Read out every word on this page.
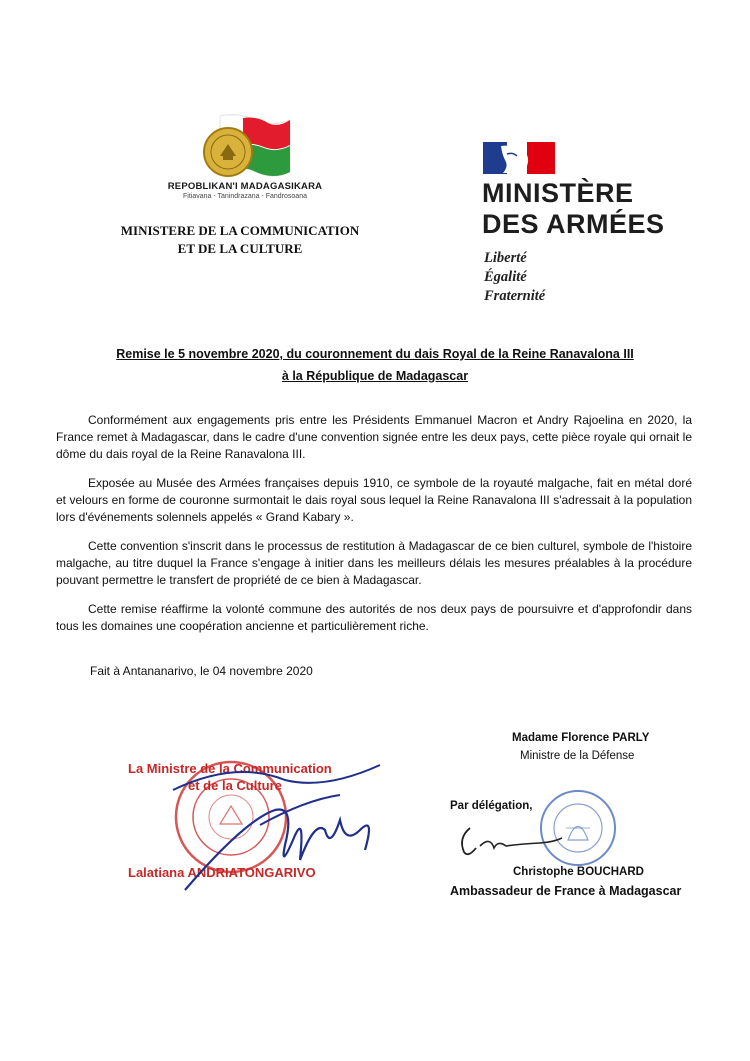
REPOBLIKAN'I MADAGASIKARA
Fitiavana - Tanindrazana - Fandrosoana
MINISTERE DE LA COMMUNICATION
ET DE LA CULTURE
MINISTÈRE
DES ARMÉES
Liberté
Égalité
Fraternité
Remise le 5 novembre 2020, du couronnement du dais Royal de la Reine Ranavalona III
à la République de Madagascar

Conformément aux engagements pris entre les Présidents Emmanuel Macron et Andry Rajoelina en 2020, la France remet à Madagascar, dans le cadre d'une convention signée entre les deux pays, cette pièce royale qui ornait le dôme du dais royal de la Reine Ranavalona III.

Exposée au Musée des Armées françaises depuis 1910, ce symbole de la royauté malgache, fait en métal doré et velours en forme de couronne surmontait le dais royal sous lequel la Reine Ranavalona III s'adressait à la population lors d'événements solennels appelés « Grand Kabary ».

Cette convention s'inscrit dans le processus de restitution à Madagascar de ce bien culturel, symbole de l'histoire malgache, au titre duquel la France s'engage à initier dans les meilleurs délais les mesures préalables à la procédure pouvant permettre le transfert de propriété de ce bien à Madagascar.

Cette remise réaffirme la volonté commune des autorités de nos deux pays de poursuivre et d'approfondir dans tous les domaines une coopération ancienne et particulièrement riche.

Fait à Antananarivo, le 04 novembre 2020
La Ministre de la Communication
et de la Culture
Lalatiana ANDRIATONGARIVO
Madame Florence PARLY
Ministre de la Défense
Par délégation,
Christophe BOUCHARD
Ambassadeur de France à Madagascar
